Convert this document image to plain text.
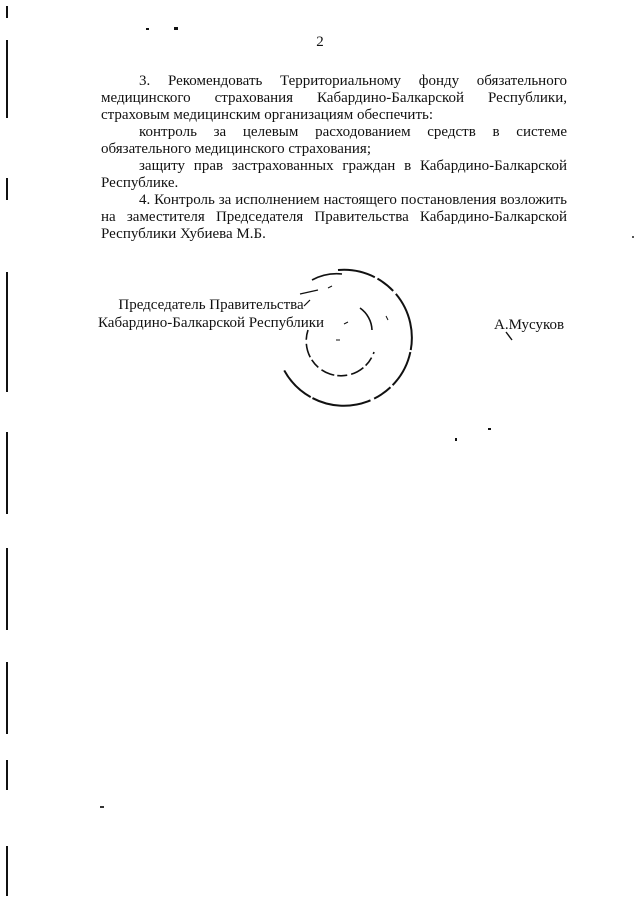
2

3. Рекомендовать Территориальному фонду обязательного медицинского страхования Кабардино-Балкарской Республики, страховым медицинским организациям обеспечить:

контроль за целевым расходованием средств в системе обязательного медицинского страхования;

защиту прав застрахованных граждан в Кабардино-Балкарской Республике.

4. Контроль за исполнением настоящего постановления возложить на заместителя Председателя Правительства Кабардино-Балкарской Республики Хубиева М.Б.

Председатель Правительства
Кабардино-Балкарской Республики	А.Мусуков
